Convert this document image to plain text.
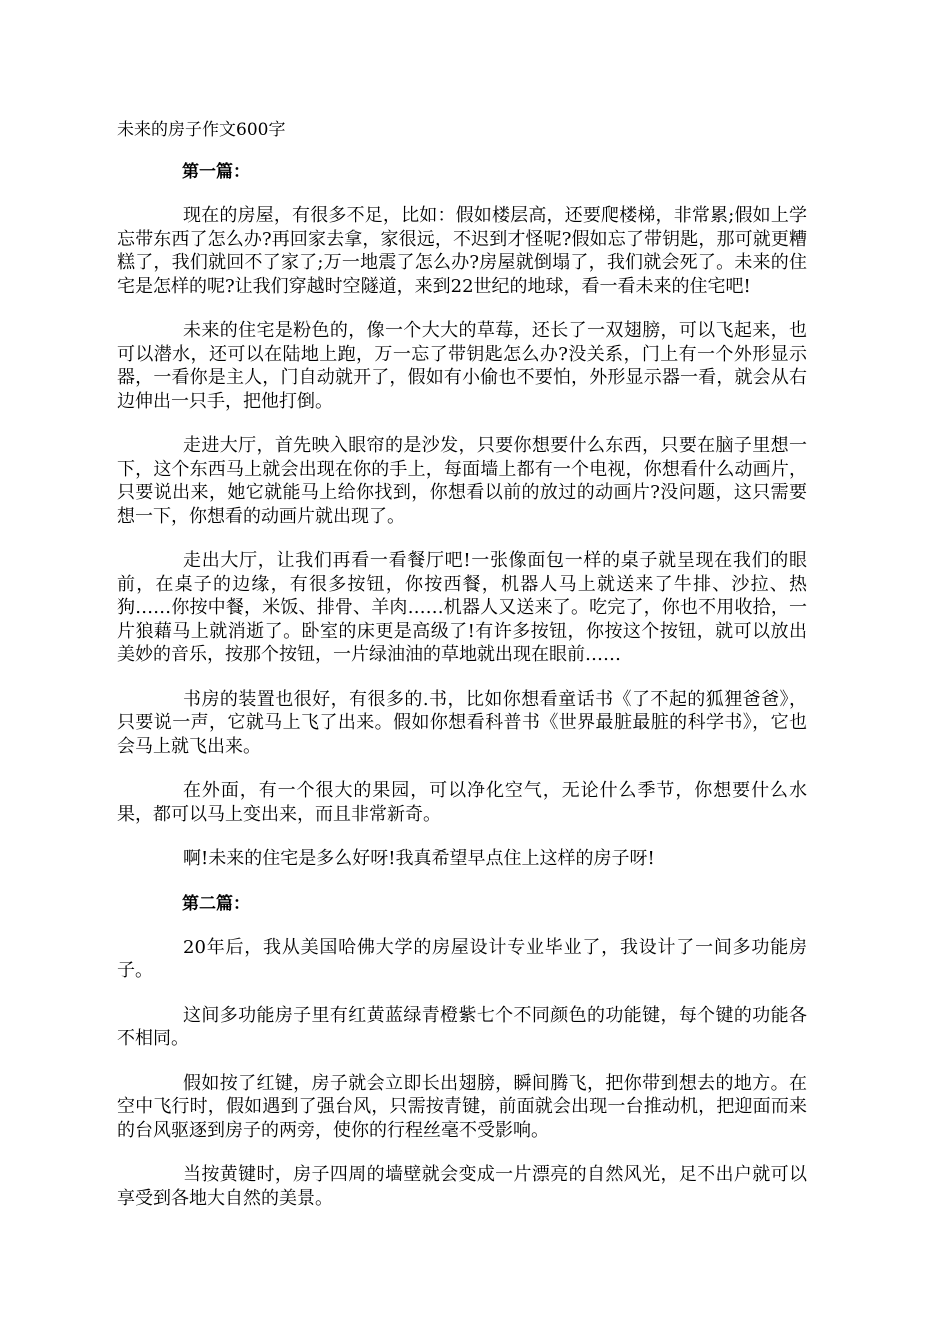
未来的房子作文600字
第一篇：

现在的房屋，有很多不足，比如：假如楼层高，还要爬楼梯，非常累;假如上学忘带东西了怎么办?再回家去拿，家很远，不迟到才怪呢?假如忘了带钥匙，那可就更糟糕了，我们就回不了家了;万一地震了怎么办?房屋就倒塌了，我们就会死了。未来的住宅是怎样的呢?让我们穿越时空隧道，来到22世纪的地球，看一看未来的住宅吧!

未来的住宅是粉色的，像一个大大的草莓，还长了一双翅膀，可以飞起来，也可以潜水，还可以在陆地上跑，万一忘了带钥匙怎么办?没关系，门上有一个外形显示器，一看你是主人，门自动就开了，假如有小偷也不要怕，外形显示器一看，就会从右边伸出一只手，把他打倒。

走进大厅，首先映入眼帘的是沙发，只要你想要什么东西，只要在脑子里想一下，这个东西马上就会出现在你的手上，每面墙上都有一个电视，你想看什么动画片，只要说出来，她它就能马上给你找到，你想看以前的放过的动画片?没问题，这只需要想一下，你想看的动画片就出现了。

走出大厅，让我们再看一看餐厅吧!一张像面包一样的桌子就呈现在我们的眼前，在桌子的边缘，有很多按钮，你按西餐，机器人马上就送来了牛排、沙拉、热狗……你按中餐，米饭、排骨、羊肉……机器人又送来了。吃完了，你也不用收拾，一片狼藉马上就消逝了。卧室的床更是高级了!有许多按钮，你按这个按钮，就可以放出美妙的音乐，按那个按钮，一片绿油油的草地就出现在眼前……

书房的装置也很好，有很多的.书，比如你想看童话书《了不起的狐狸爸爸》，只要说一声，它就马上飞了出来。假如你想看科普书《世界最脏最脏的科学书》，它也会马上就飞出来。

在外面，有一个很大的果园，可以净化空气，无论什么季节，你想要什么水果，都可以马上变出来，而且非常新奇。

啊!未来的住宅是多么好呀!我真希望早点住上这样的房子呀!

第二篇：

20年后，我从美国哈佛大学的房屋设计专业毕业了，我设计了一间多功能房子。

这间多功能房子里有红黄蓝绿青橙紫七个不同颜色的功能键，每个键的功能各不相同。

假如按了红键，房子就会立即长出翅膀，瞬间腾飞，把你带到想去的地方。在空中飞行时，假如遇到了强台风，只需按青键，前面就会出现一台推动机，把迎面而来的台风驱逐到房子的两旁，使你的行程丝毫不受影响。

当按黄键时，房子四周的墙壁就会变成一片漂亮的自然风光，足不出户就可以享受到各地大自然的美景。
